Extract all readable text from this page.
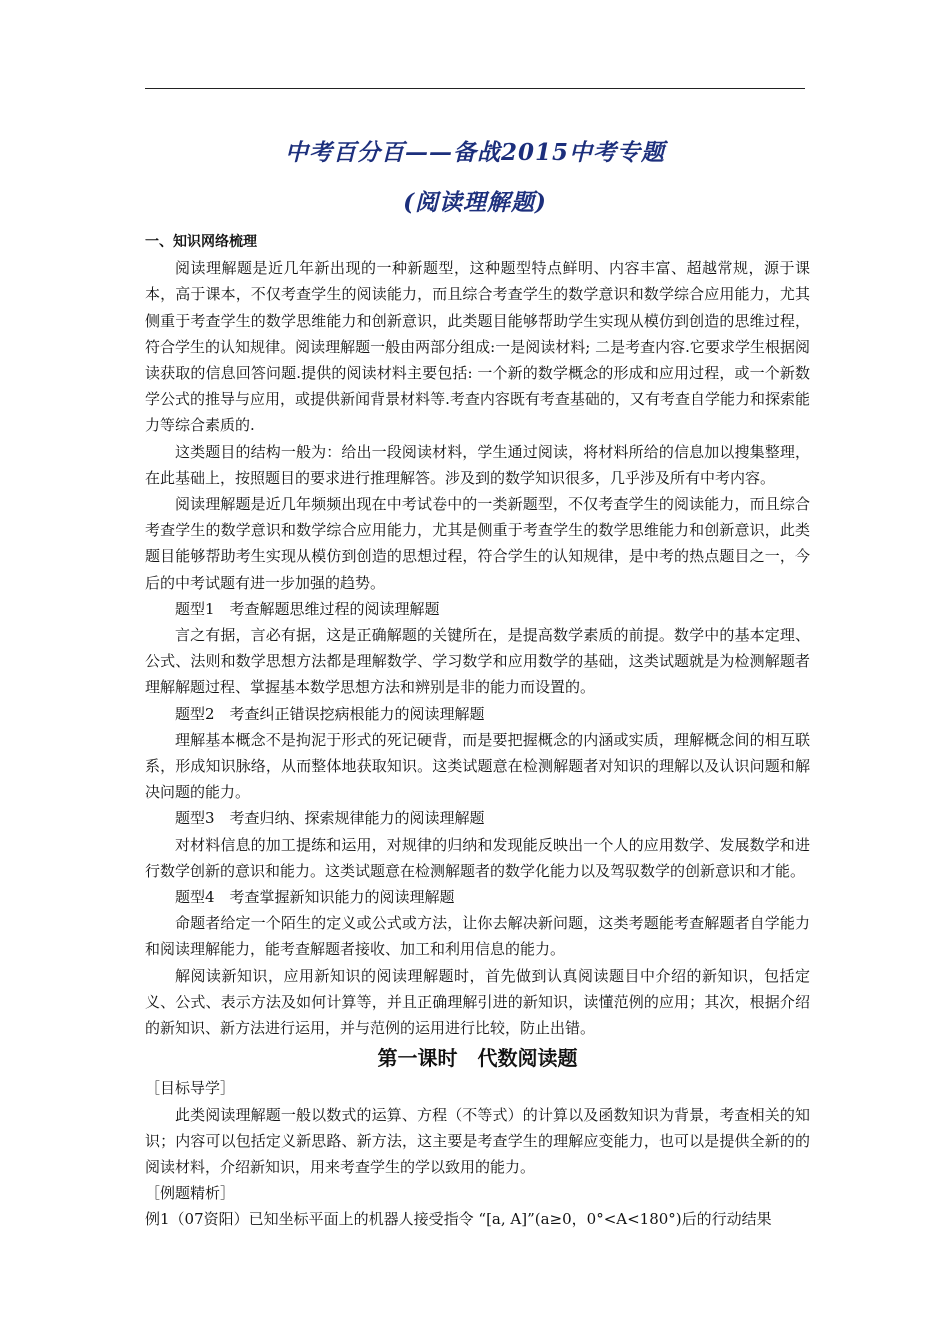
中考百分百——备战2015中考专题
(阅读理解题)

一、知识网络梳理

阅读理解题是近几年新出现的一种新题型，这种题型特点鲜明、内容丰富、超越常规，源于课本，高于课本，不仅考查学生的阅读能力，而且综合考查学生的数学意识和数学综合应用能力，尤其侧重于考查学生的数学思维能力和创新意识，此类题目能够帮助学生实现从模仿到创造的思维过程，符合学生的认知规律。阅读理解题一般由两部分组成:一是阅读材料; 二是考查内容.它要求学生根据阅读获取的信息回答问题.提供的阅读材料主要包括: 一个新的数学概念的形成和应用过程，或一个新数学公式的推导与应用，或提供新闻背景材料等.考查内容既有考查基础的，又有考查自学能力和探索能力等综合素质的.

这类题目的结构一般为：给出一段阅读材料，学生通过阅读，将材料所给的信息加以搜集整理，在此基础上，按照题目的要求进行推理解答。涉及到的数学知识很多，几乎涉及所有中考内容。

阅读理解题是近几年频频出现在中考试卷中的一类新题型，不仅考查学生的阅读能力，而且综合考查学生的数学意识和数学综合应用能力，尤其是侧重于考查学生的数学思维能力和创新意识，此类题目能够帮助考生实现从模仿到创造的思想过程，符合学生的认知规律，是中考的热点题目之一，今后的中考试题有进一步加强的趋势。

题型1　考查解题思维过程的阅读理解题

言之有据，言必有据，这是正确解题的关键所在，是提高数学素质的前提。数学中的基本定理、公式、法则和数学思想方法都是理解数学、学习数学和应用数学的基础，这类试题就是为检测解题者理解解题过程、掌握基本数学思想方法和辨别是非的能力而设置的。

题型2　考查纠正错误挖病根能力的阅读理解题

理解基本概念不是拘泥于形式的死记硬背，而是要把握概念的内涵或实质，理解概念间的相互联系，形成知识脉络，从而整体地获取知识。这类试题意在检测解题者对知识的理解以及认识问题和解决问题的能力。

题型3　考查归纳、探索规律能力的阅读理解题

对材料信息的加工提练和运用，对规律的归纳和发现能反映出一个人的应用数学、发展数学和进行数学创新的意识和能力。这类试题意在检测解题者的数学化能力以及驾驭数学的创新意识和才能。

题型4　考查掌握新知识能力的阅读理解题

命题者给定一个陌生的定义或公式或方法，让你去解决新问题，这类考题能考查解题者自学能力和阅读理解能力，能考查解题者接收、加工和利用信息的能力。

解阅读新知识，应用新知识的阅读理解题时，首先做到认真阅读题目中介绍的新知识，包括定义、公式、表示方法及如何计算等，并且正确理解引进的新知识，读懂范例的应用；其次，根据介绍的新知识、新方法进行运用，并与范例的运用进行比较，防止出错。

第一课时　代数阅读题

［目标导学］

此类阅读理解题一般以数式的运算、方程（不等式）的计算以及函数知识为背景，考查相关的知识；内容可以包括定义新思路、新方法，这主要是考查学生的理解应变能力，也可以是提供全新的的阅读材料，介绍新知识，用来考查学生的学以致用的能力。

［例题精析］

例1（07资阳）已知坐标平面上的机器人接受指令 “[a, A]”(a≥0，0°<A<180°)后的行动结果
